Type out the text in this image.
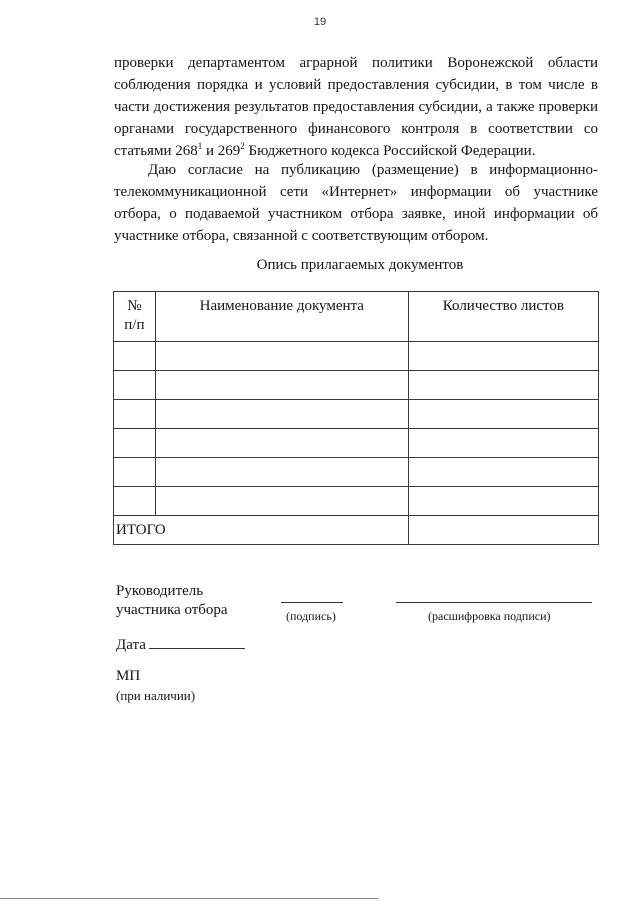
19

проверки департаментом аграрной политики Воронежской области соблюдения порядка и условий предоставления субсидии, в том числе в части достижения результатов предоставления субсидии, а также проверки органами государственного финансового контроля в соответствии со статьями $268^1$ и $269^2$ Бюджетного кодекса Российской Федерации.

Даю согласие на публикацию (размещение) в информационно-телекоммуникационной сети «Интернет» информации об участнике отбора, о подаваемой участником отбора заявке, иной информации об участнике отбора, связанной с соответствующим отбором.

Опись прилагаемых документов
№
п/п	Наименование документа	Количество листов

ИТОГО		
Руководитель
участника отбора	(подпись)	(расшифровка подписи)
Дата
МП
(при наличии)
